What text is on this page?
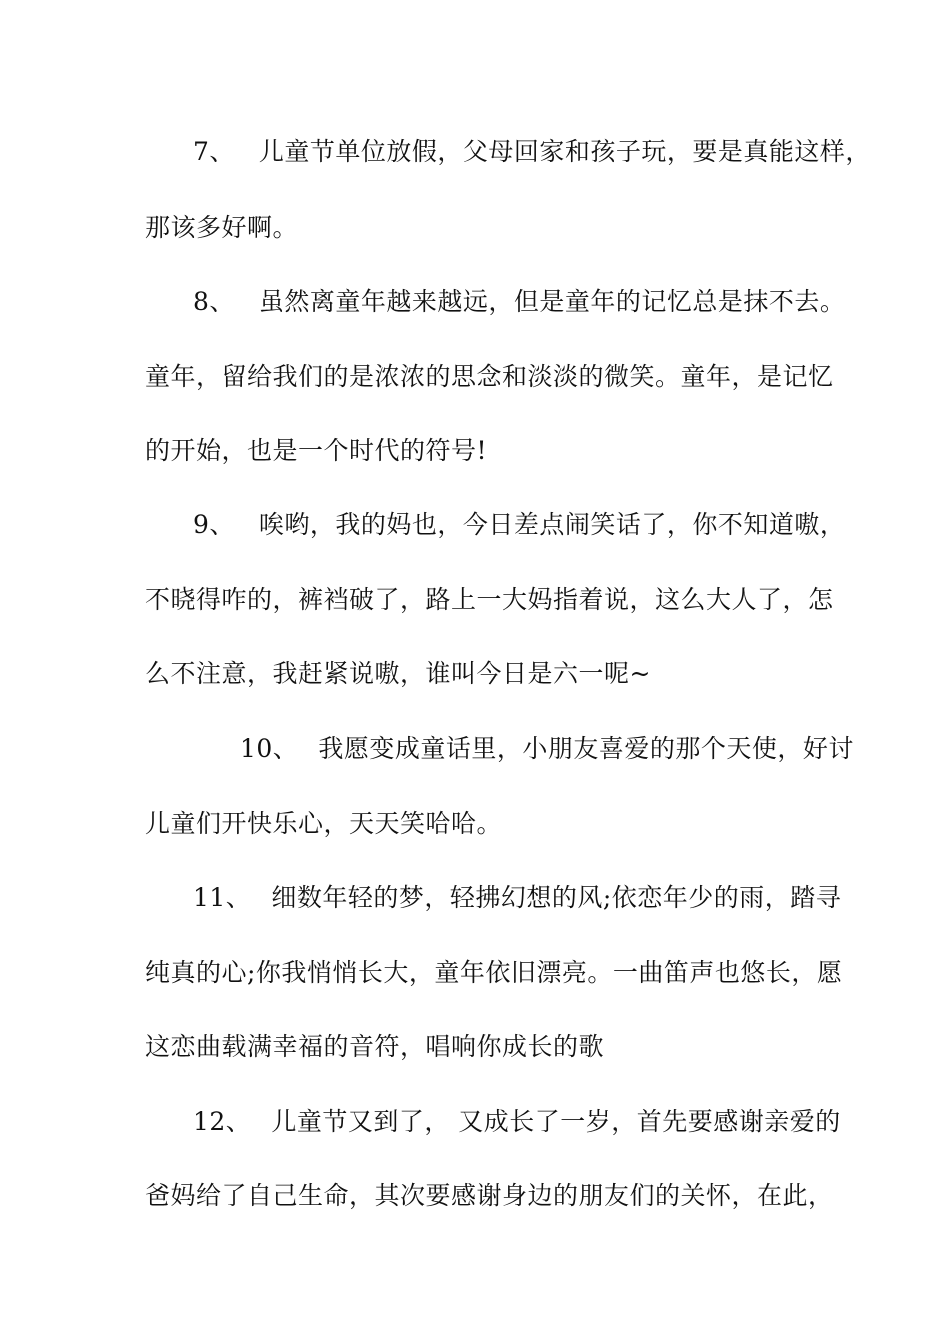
7、 儿童节单位放假，父母回家和孩子玩，要是真能这样，
那该多好啊。
8、 虽然离童年越来越远，但是童年的记忆总是抹不去。
童年，留给我们的是浓浓的思念和淡淡的微笑。童年，是记忆
的开始，也是一个时代的符号!
9、 唉哟，我的妈也，今日差点闹笑话了，你不知道嗷，
不晓得咋的，裤裆破了，路上一大妈指着说，这么大人了，怎
么不注意，我赶紧说嗷，谁叫今日是六一呢~
10、 我愿变成童话里，小朋友喜爱的那个天使，好讨
儿童们开快乐心，天天笑哈哈。
11、 细数年轻的梦，轻拂幻想的风;依恋年少的雨，踏寻
纯真的心;你我悄悄长大，童年依旧漂亮。一曲笛声也悠长，愿
这恋曲载满幸福的音符，唱响你成长的歌
12、 儿童节又到了， 又成长了一岁，首先要感谢亲爱的
爸妈给了自己生命，其次要感谢身边的朋友们的关怀，在此，
